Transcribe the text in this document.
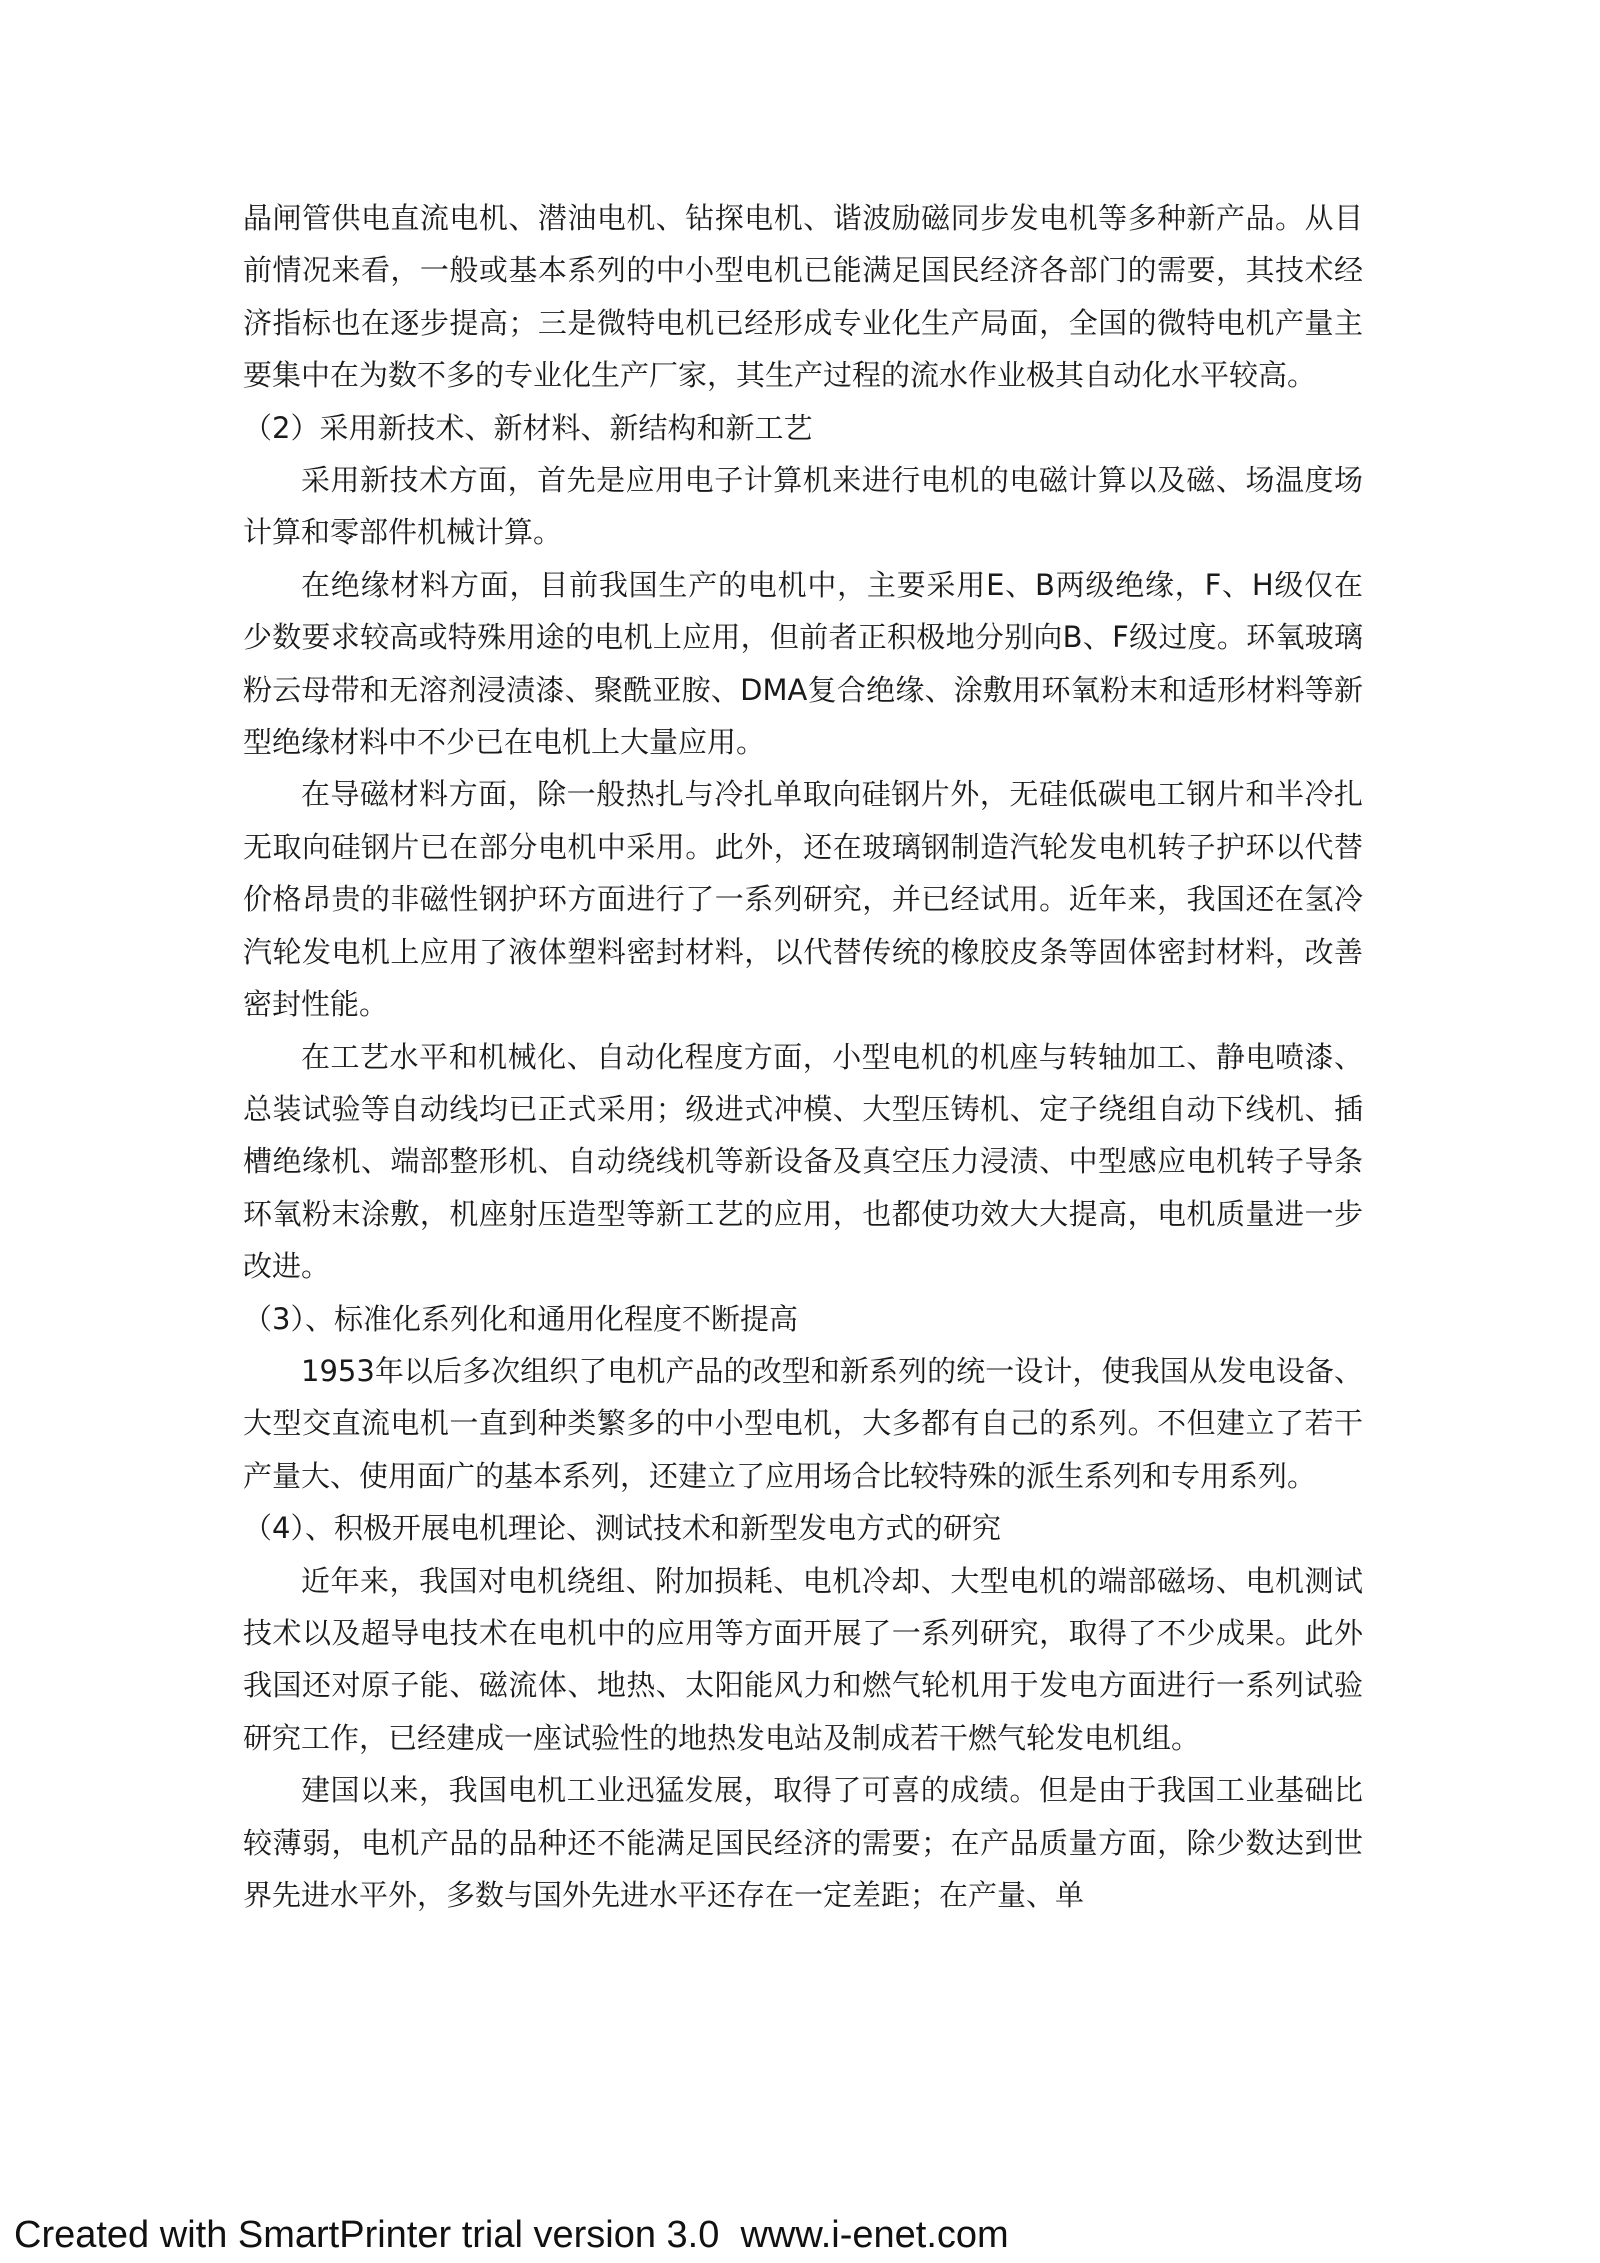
晶闸管供电直流电机、潜油电机、钻探电机、谐波励磁同步发电机等多种新产品。从目前情况来看，一般或基本系列的中小型电机已能满足国民经济各部门的需要，其技术经济指标也在逐步提高；三是微特电机已经形成专业化生产局面，全国的微特电机产量主要集中在为数不多的专业化生产厂家，其生产过程的流水作业极其自动化水平较高。

（2）采用新技术、新材料、新结构和新工艺

采用新技术方面，首先是应用电子计算机来进行电机的电磁计算以及磁、场温度场计算和零部件机械计算。

在绝缘材料方面，目前我国生产的电机中，主要采用E、B两级绝缘，F、H级仅在少数要求较高或特殊用途的电机上应用，但前者正积极地分别向B、F级过度。环氧玻璃粉云母带和无溶剂浸渍漆、聚酰亚胺、DMA复合绝缘、涂敷用环氧粉末和适形材料等新型绝缘材料中不少已在电机上大量应用。

在导磁材料方面，除一般热扎与冷扎单取向硅钢片外，无硅低碳电工钢片和半冷扎无取向硅钢片已在部分电机中采用。此外，还在玻璃钢制造汽轮发电机转子护环以代替价格昂贵的非磁性钢护环方面进行了一系列研究，并已经试用。近年来，我国还在氢冷汽轮发电机上应用了液体塑料密封材料，以代替传统的橡胶皮条等固体密封材料，改善密封性能。

在工艺水平和机械化、自动化程度方面，小型电机的机座与转轴加工、静电喷漆、总装试验等自动线均已正式采用；级进式冲模、大型压铸机、定子绕组自动下线机、插槽绝缘机、端部整形机、自动绕线机等新设备及真空压力浸渍、中型感应电机转子导条环氧粉末涂敷，机座射压造型等新工艺的应用，也都使功效大大提高，电机质量进一步改进。

（3）、标准化系列化和通用化程度不断提高

1953年以后多次组织了电机产品的改型和新系列的统一设计，使我国从发电设备、大型交直流电机一直到种类繁多的中小型电机，大多都有自己的系列。不但建立了若干产量大、使用面广的基本系列，还建立了应用场合比较特殊的派生系列和专用系列。

（4）、积极开展电机理论、测试技术和新型发电方式的研究

近年来，我国对电机绕组、附加损耗、电机冷却、大型电机的端部磁场、电机测试技术以及超导电技术在电机中的应用等方面开展了一系列研究，取得了不少成果。此外我国还对原子能、磁流体、地热、太阳能风力和燃气轮机用于发电方面进行一系列试验研究工作，已经建成一座试验性的地热发电站及制成若干燃气轮发电机组。

建国以来，我国电机工业迅猛发展，取得了可喜的成绩。但是由于我国工业基础比较薄弱，电机产品的品种还不能满足国民经济的需要；在产品质量方面，除少数达到世界先进水平外，多数与国外先进水平还存在一定差距；在产量、单

Created with SmartPrinter trial version 3.0  www.i-enet.com
